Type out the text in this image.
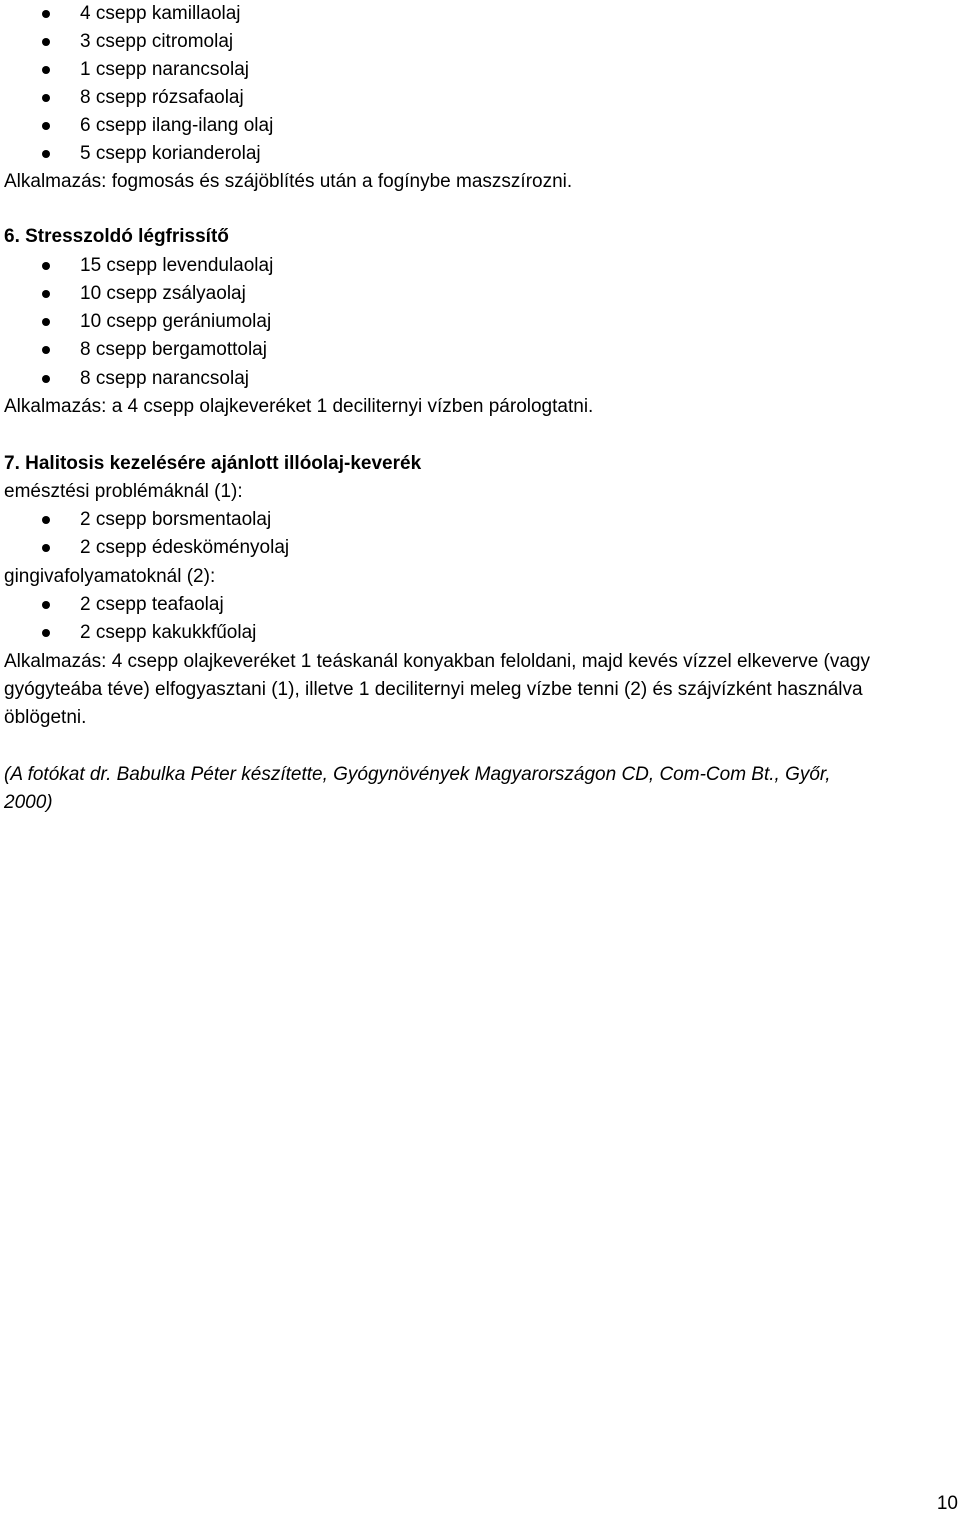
4 csepp kamillaolaj
3 csepp citromolaj
1 csepp narancsolaj
8 csepp rózsafaolaj
6 csepp ilang-ilang olaj
5 csepp korianderolaj
Alkalmazás: fogmosás és szájöblítés után a fogínybe maszszírozni.
6. Stresszoldó légfrissítő
15 csepp levendulaolaj
10 csepp zsályaolaj
10 csepp gerániumolaj
8 csepp bergamottolaj
8 csepp narancsolaj
Alkalmazás: a 4 csepp olajkeveréket 1 deciliternyi vízben párologtatni.
7. Halitosis kezelésére ajánlott illóolaj-keverék
emésztési problémáknál (1):
2 csepp borsmentaolaj
2 csepp édesköményolaj
gingivafolyamatoknál (2):
2 csepp teafaolaj
2 csepp kakukkfűolaj
Alkalmazás: 4 csepp olajkeveréket 1 teáskanál konyakban feloldani, majd kevés vízzel elkeverve (vagy
gyógyteába téve) elfogyasztani (1), illetve 1 deciliternyi meleg vízbe tenni (2) és szájvízként használva
öblögetni.
(A fotókat dr. Babulka Péter készítette, Gyógynövények Magyarországon CD, Com-Com Bt., Győr,
2000)
10
